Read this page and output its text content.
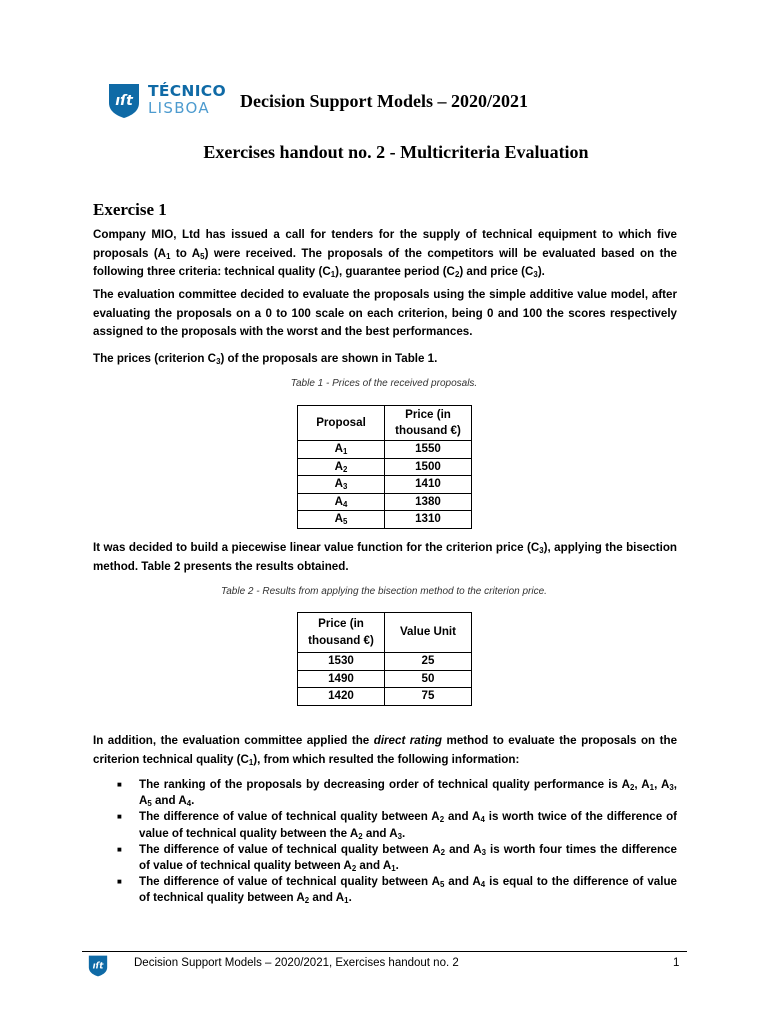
ıſt
TÉCNICO
LISBOA	Decision Support Models – 2020/2021
Exercises handout no. 2 - Multicriteria Evaluation
Exercise 1
Company MIO, Ltd has issued a call for tenders for the supply of technical equipment to which five proposals ($A_1$ to $A_5$) were received. The proposals of the competitors will be evaluated based on the following three criteria: technical quality $(C_1)$, guarantee period $(C_2)$ and price $(C_3)$.
The evaluation committee decided to evaluate the proposals using the simple additive value model, after evaluating the proposals on a 0 to 100 scale on each criterion, being 0 and 100 the scores respectively assigned to the proposals with the worst and the best performances.
The prices (criterion $C_3$) of the proposals are shown in Table 1.
Table 1 - Prices of the received proposals.
Proposal	Price (in
thousand €)
$A_1$	1550
$A_2$	1500
$A_3$	1410
$A_4$	1380
$A_5$	1310
It was decided to build a piecewise linear value function for the criterion price $(C_3)$, applying the bisection method. Table 2 presents the results obtained.
Table 2 - Results from applying the bisection method to the criterion price.
Price (in
thousand €)	Value Unit
1530	25
1490	50
1420	75
In addition, the evaluation committee applied the direct rating method to evaluate the proposals on the criterion technical quality $(C_1)$, from which resulted the following information:
■ The ranking of the proposals by decreasing order of technical quality performance is $A_2$, $A_1$, $A_3$, $A_5$ and $A_4$.
■ The difference of value of technical quality between $A_2$ and $A_4$ is worth twice of the difference of value of technical quality between the $A_2$ and $A_3$.
■ The difference of value of technical quality between $A_2$ and $A_3$ is worth four times the difference of value of technical quality between $A_2$ and $A_1$.
■ The difference of value of technical quality between $A_5$ and $A_4$ is equal to the difference of value of technical quality between $A_2$ and $A_1$.
ıſt	Decision Support Models – 2020/2021, Exercises handout no. 2	1
